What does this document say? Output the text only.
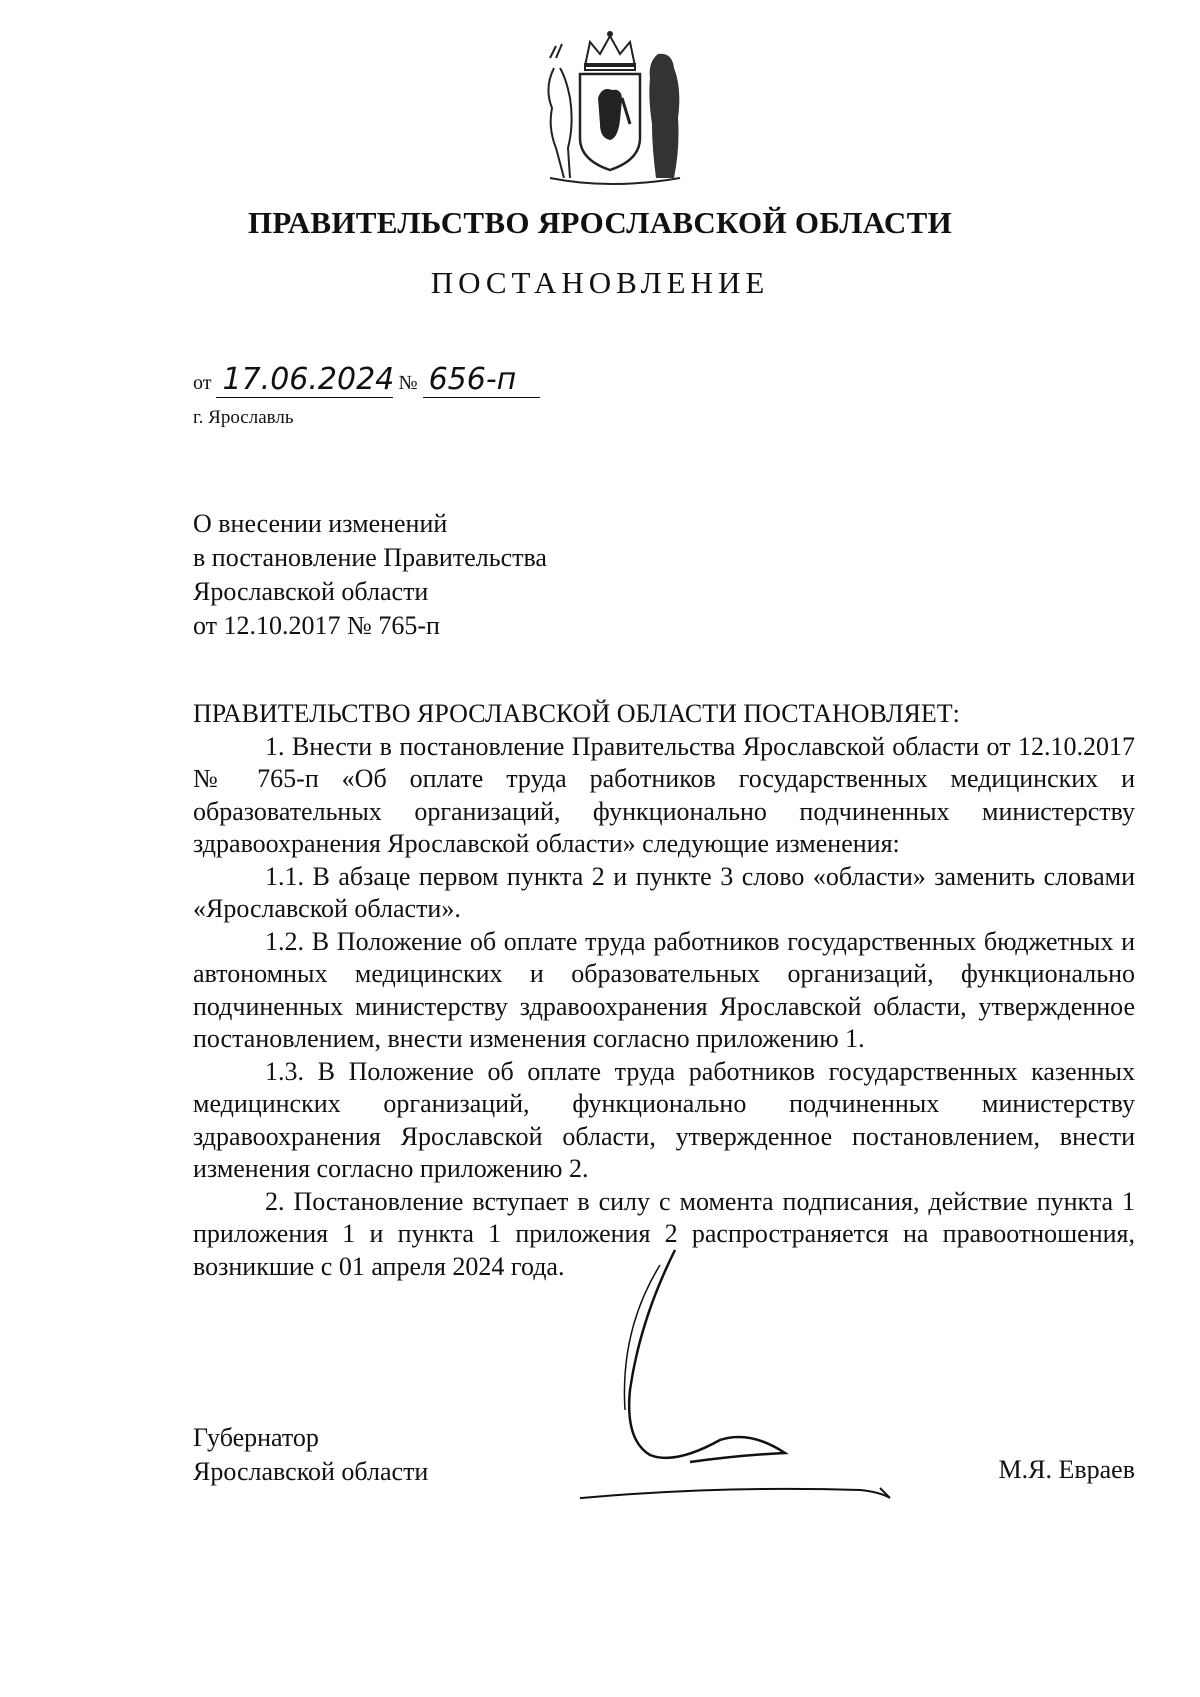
ПРАВИТЕЛЬСТВО ЯРОСЛАВСКОЙ ОБЛАСТИ
ПОСТАНОВЛЕНИЕ
от 17.06.2024 № 656-п
г. Ярославль
О внесении изменений
в постановление Правительства
Ярославской области
от 12.10.2017 № 765-п

ПРАВИТЕЛЬСТВО ЯРОСЛАВСКОЙ ОБЛАСТИ ПОСТАНОВЛЯЕТ:

1. Внести в постановление Правительства Ярославской области от 12.10.2017 № 765-п «Об оплате труда работников государственных медицинских и образовательных организаций, функционально подчиненных министерству здравоохранения Ярославской области» следующие изменения:

1.1. В абзаце первом пункта 2 и пункте 3 слово «области» заменить словами «Ярославской области».

1.2. В Положение об оплате труда работников государственных бюджетных и автономных медицинских и образовательных организаций, функционально подчиненных министерству здравоохранения Ярославской области, утвержденное постановлением, внести изменения согласно приложению 1.

1.3. В Положение об оплате труда работников государственных казенных медицинских организаций, функционально подчиненных министерству здравоохранения Ярославской области, утвержденное постановлением, внести изменения согласно приложению 2.

2. Постановление вступает в силу с момента подписания, действие пункта 1 приложения 1 и пункта 1 приложения 2 распространяется на правоотношения, возникшие с 01 апреля 2024 года.

Губернатор
Ярославской области	М.Я. Евраев
